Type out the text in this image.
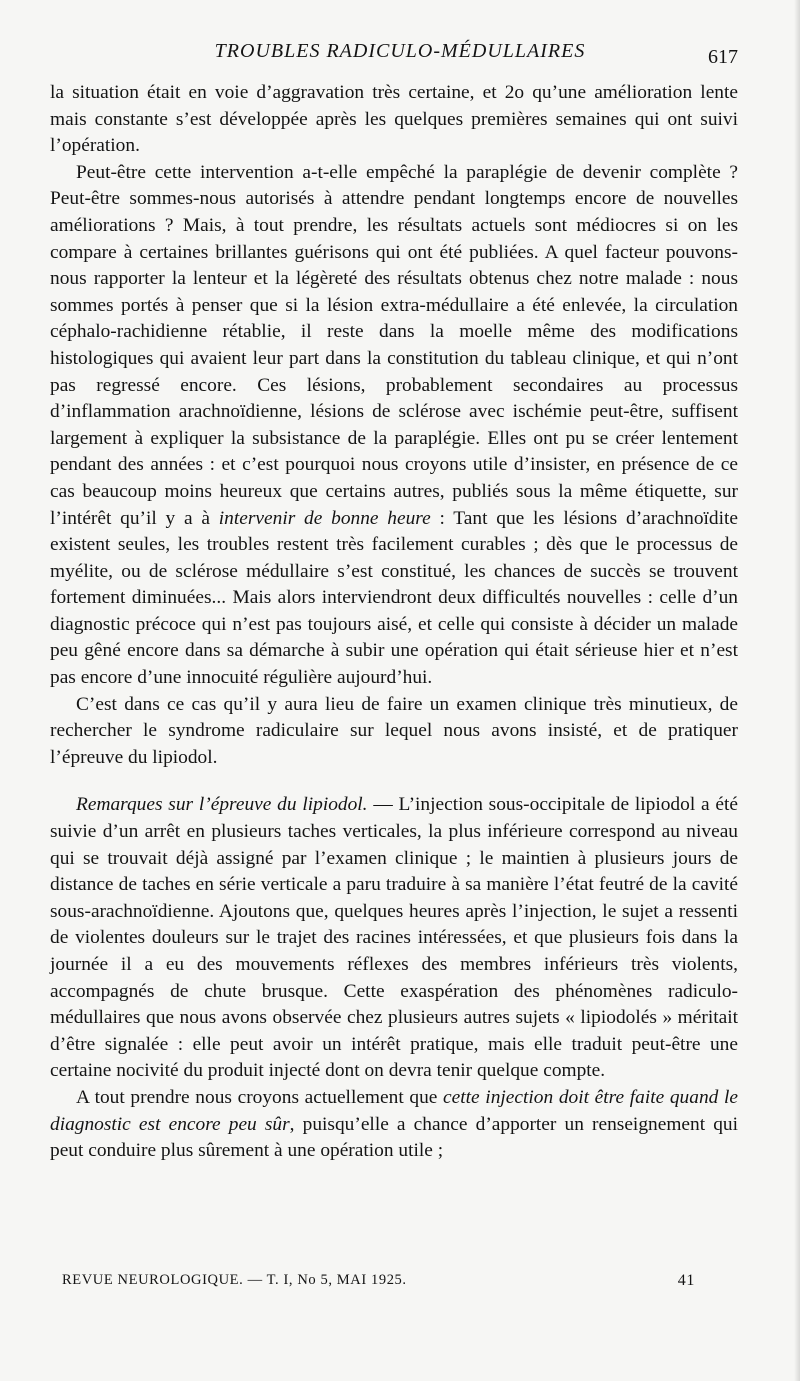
TROUBLES RADICULO-MÉDULLAIRES	617

la situation était en voie d’aggravation très certaine, et 2o qu’une amélioration lente mais constante s’est développée après les quelques premières semaines qui ont suivi l’opération.

Peut-être cette intervention a-t-elle empêché la paraplégie de devenir complète ? Peut-être sommes-nous autorisés à attendre pendant longtemps encore de nouvelles améliorations ? Mais, à tout prendre, les résultats actuels sont médiocres si on les compare à certaines brillantes guérisons qui ont été publiées. A quel facteur pouvons-nous rapporter la lenteur et la légèreté des résultats obtenus chez notre malade : nous sommes portés à penser que si la lésion extra-médullaire a été enlevée, la circulation céphalo-rachidienne rétablie, il reste dans la moelle même des modifications histologiques qui avaient leur part dans la constitution du tableau clinique, et qui n’ont pas regressé encore. Ces lésions, probablement secondaires au processus d’inflammation arachnoïdienne, lésions de sclérose avec ischémie peut-être, suffisent largement à expliquer la subsistance de la paraplégie. Elles ont pu se créer lentement pendant des années : et c’est pourquoi nous croyons utile d’insister, en présence de ce cas beaucoup moins heureux que certains autres, publiés sous la même étiquette, sur l’intérêt qu’il y a à intervenir de bonne heure : Tant que les lésions d’arachnoïdite existent seules, les troubles restent très facilement curables ; dès que le processus de myélite, ou de sclérose médullaire s’est constitué, les chances de succès se trouvent fortement diminuées... Mais alors interviendront deux difficultés nouvelles : celle d’un diagnostic précoce qui n’est pas toujours aisé, et celle qui consiste à décider un malade peu gêné encore dans sa démarche à subir une opération qui était sérieuse hier et n’est pas encore d’une innocuité régulière aujourd’hui.

C’est dans ce cas qu’il y aura lieu de faire un examen clinique très minutieux, de rechercher le syndrome radiculaire sur lequel nous avons insisté, et de pratiquer l’épreuve du lipiodol.

Remarques sur l’épreuve du lipiodol. — L’injection sous-occipitale de lipiodol a été suivie d’un arrêt en plusieurs taches verticales, la plus inférieure correspond au niveau qui se trouvait déjà assigné par l’examen clinique ; le maintien à plusieurs jours de distance de taches en série verticale a paru traduire à sa manière l’état feutré de la cavité sous-arachnoïdienne. Ajoutons que, quelques heures après l’injection, le sujet a ressenti de violentes douleurs sur le trajet des racines intéressées, et que plusieurs fois dans la journée il a eu des mouvements réflexes des membres inférieurs très violents, accompagnés de chute brusque. Cette exaspération des phénomènes radiculo-médullaires que nous avons observée chez plusieurs autres sujets « lipiodolés » méritait d’être signalée : elle peut avoir un intérêt pratique, mais elle traduit peut-être une certaine nocivité du produit injecté dont on devra tenir quelque compte.

A tout prendre nous croyons actuellement que cette injection doit être faite quand le diagnostic est encore peu sûr, puisqu’elle a chance d’apporter un renseignement qui peut conduire plus sûrement à une opération utile ;

REVUE NEUROLOGIQUE. — T. I, No 5, MAI 1925.	41
